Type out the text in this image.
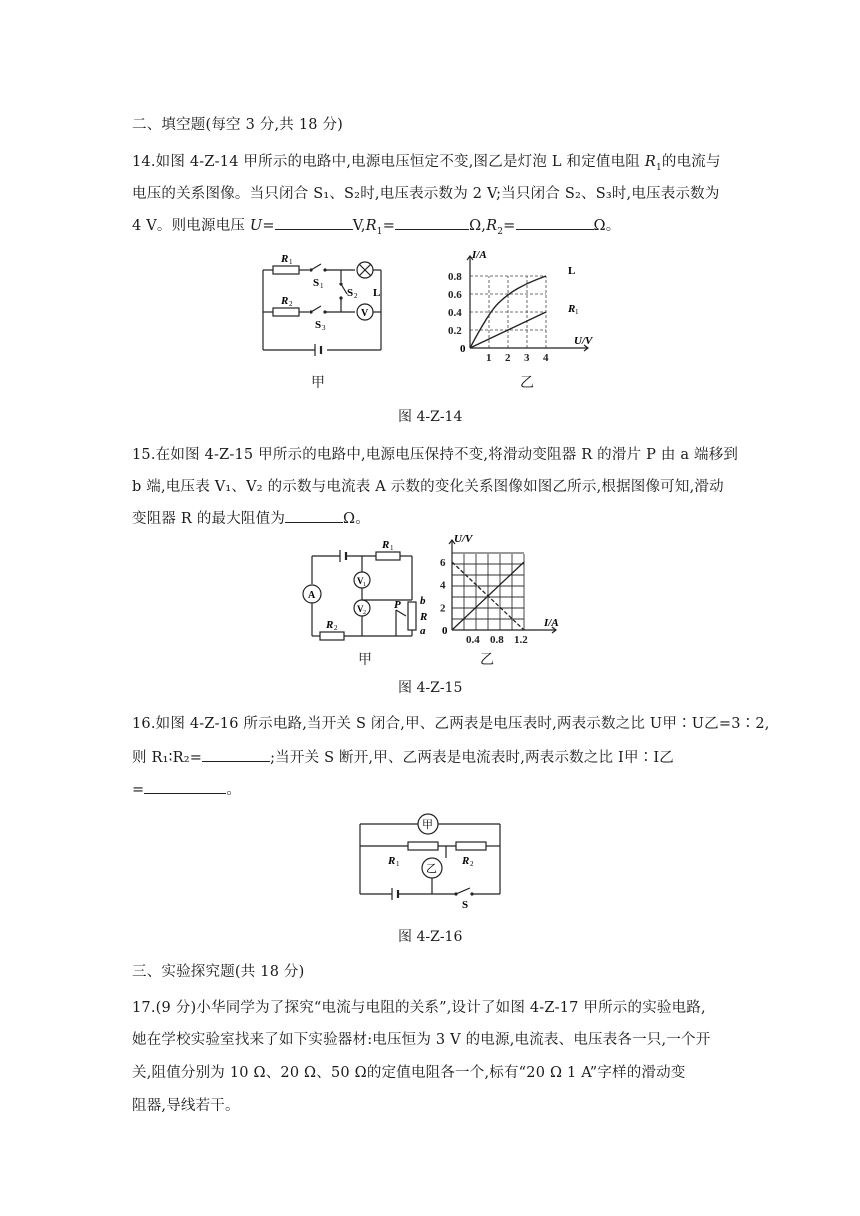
二、填空题(每空 3 分,共 18 分)
14.如图 4-Z-14 甲所示的电路中,电源电压恒定不变,图乙是灯泡 L 和定值电阻 $R_1$的电流与
电压的关系图像。当只闭合 S₁、S₂时,电压表示数为 2 V;当只闭合 S₂、S₃时,电压表示数为
4 V。则电源电压 U=	$V,R_1=$	$\Omega,R_2=$	Ω。
R 1
R 2
S 1
S 2
S 3
L
V
甲
0.2
0.4
0.6
0.8
1 2 3 4
I/A
U/V
0
L
R 1
乙
图 4-Z-14
15.在如图 4-Z-15 甲所示的电路中,电源电压保持不变,将滑动变阻器 R 的滑片 P 由 a 端移到
b 端,电压表 V₁、V₂ 的示数与电流表 A 示数的变化关系图像如图乙所示,根据图像可知,滑动
变阻器 R 的最大阻值为	Ω。
A
V 1
V 2
R 1
R 2
P
R
b
a
甲
2
4
6
0.4 0.8 1.2
U/V
I/A
0
乙
图 4-Z-15
16.如图 4-Z-16 所示电路,当开关 S 闭合,甲、乙两表是电压表时,两表示数之比 U甲∶U乙=3∶2,
则 R₁∶R₂=	;当开关 S 断开,甲、乙两表是电流表时,两表示数之比 I甲∶I乙
=	。
甲
乙
R 1	R 2
S
图 4-Z-16
三、实验探究题(共 18 分)
17.(9 分)小华同学为了探究“电流与电阻的关系”,设计了如图 4-Z-17 甲所示的实验电路,
她在学校实验室找来了如下实验器材:电压恒为 3 V 的电源,电流表、电压表各一只,一个开
关,阻值分别为 10 Ω、20 Ω、50 Ω的定值电阻各一个,标有“20 Ω 1 A”字样的滑动变
阻器,导线若干。
